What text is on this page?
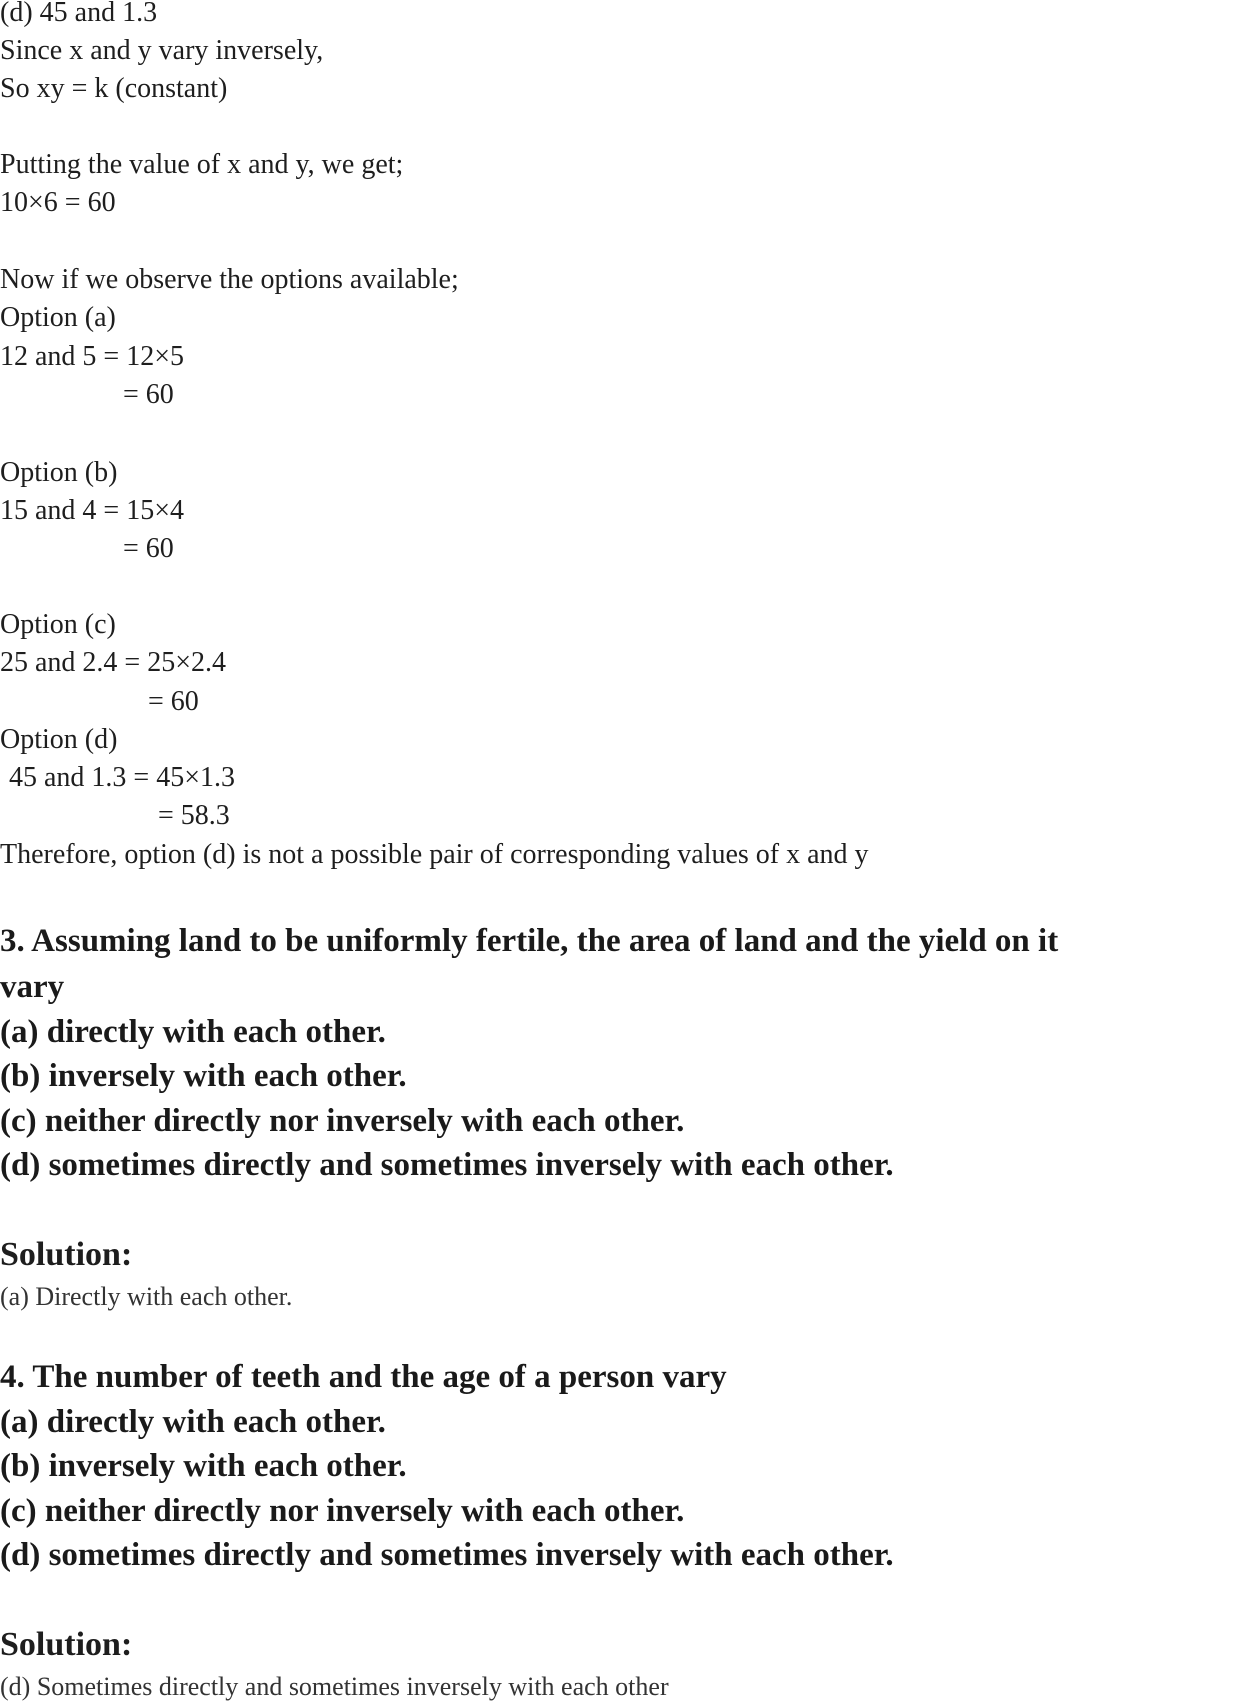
(d) 45 and 1.3
Since x and y vary inversely,
So xy = k (constant)
Putting the value of x and y, we get;
10×6 = 60
Now if we observe the options available;
Option (a)
12 and 5 = 12×5
= 60
Option (b)
15 and 4 = 15×4
= 60
Option (c)
25 and 2.4 = 25×2.4
= 60
Option (d)
45 and 1.3 = 45×1.3
= 58.3
Therefore, option (d) is not a possible pair of corresponding values of x and y
3. Assuming land to be uniformly fertile, the area of land and the yield on it
vary
(a) directly with each other.
(b) inversely with each other.
(c) neither directly nor inversely with each other.
(d) sometimes directly and sometimes inversely with each other.
Solution:
(a) Directly with each other.
4. The number of teeth and the age of a person vary
(a) directly with each other.
(b) inversely with each other.
(c) neither directly nor inversely with each other.
(d) sometimes directly and sometimes inversely with each other.
Solution:
(d) Sometimes directly and sometimes inversely with each other
